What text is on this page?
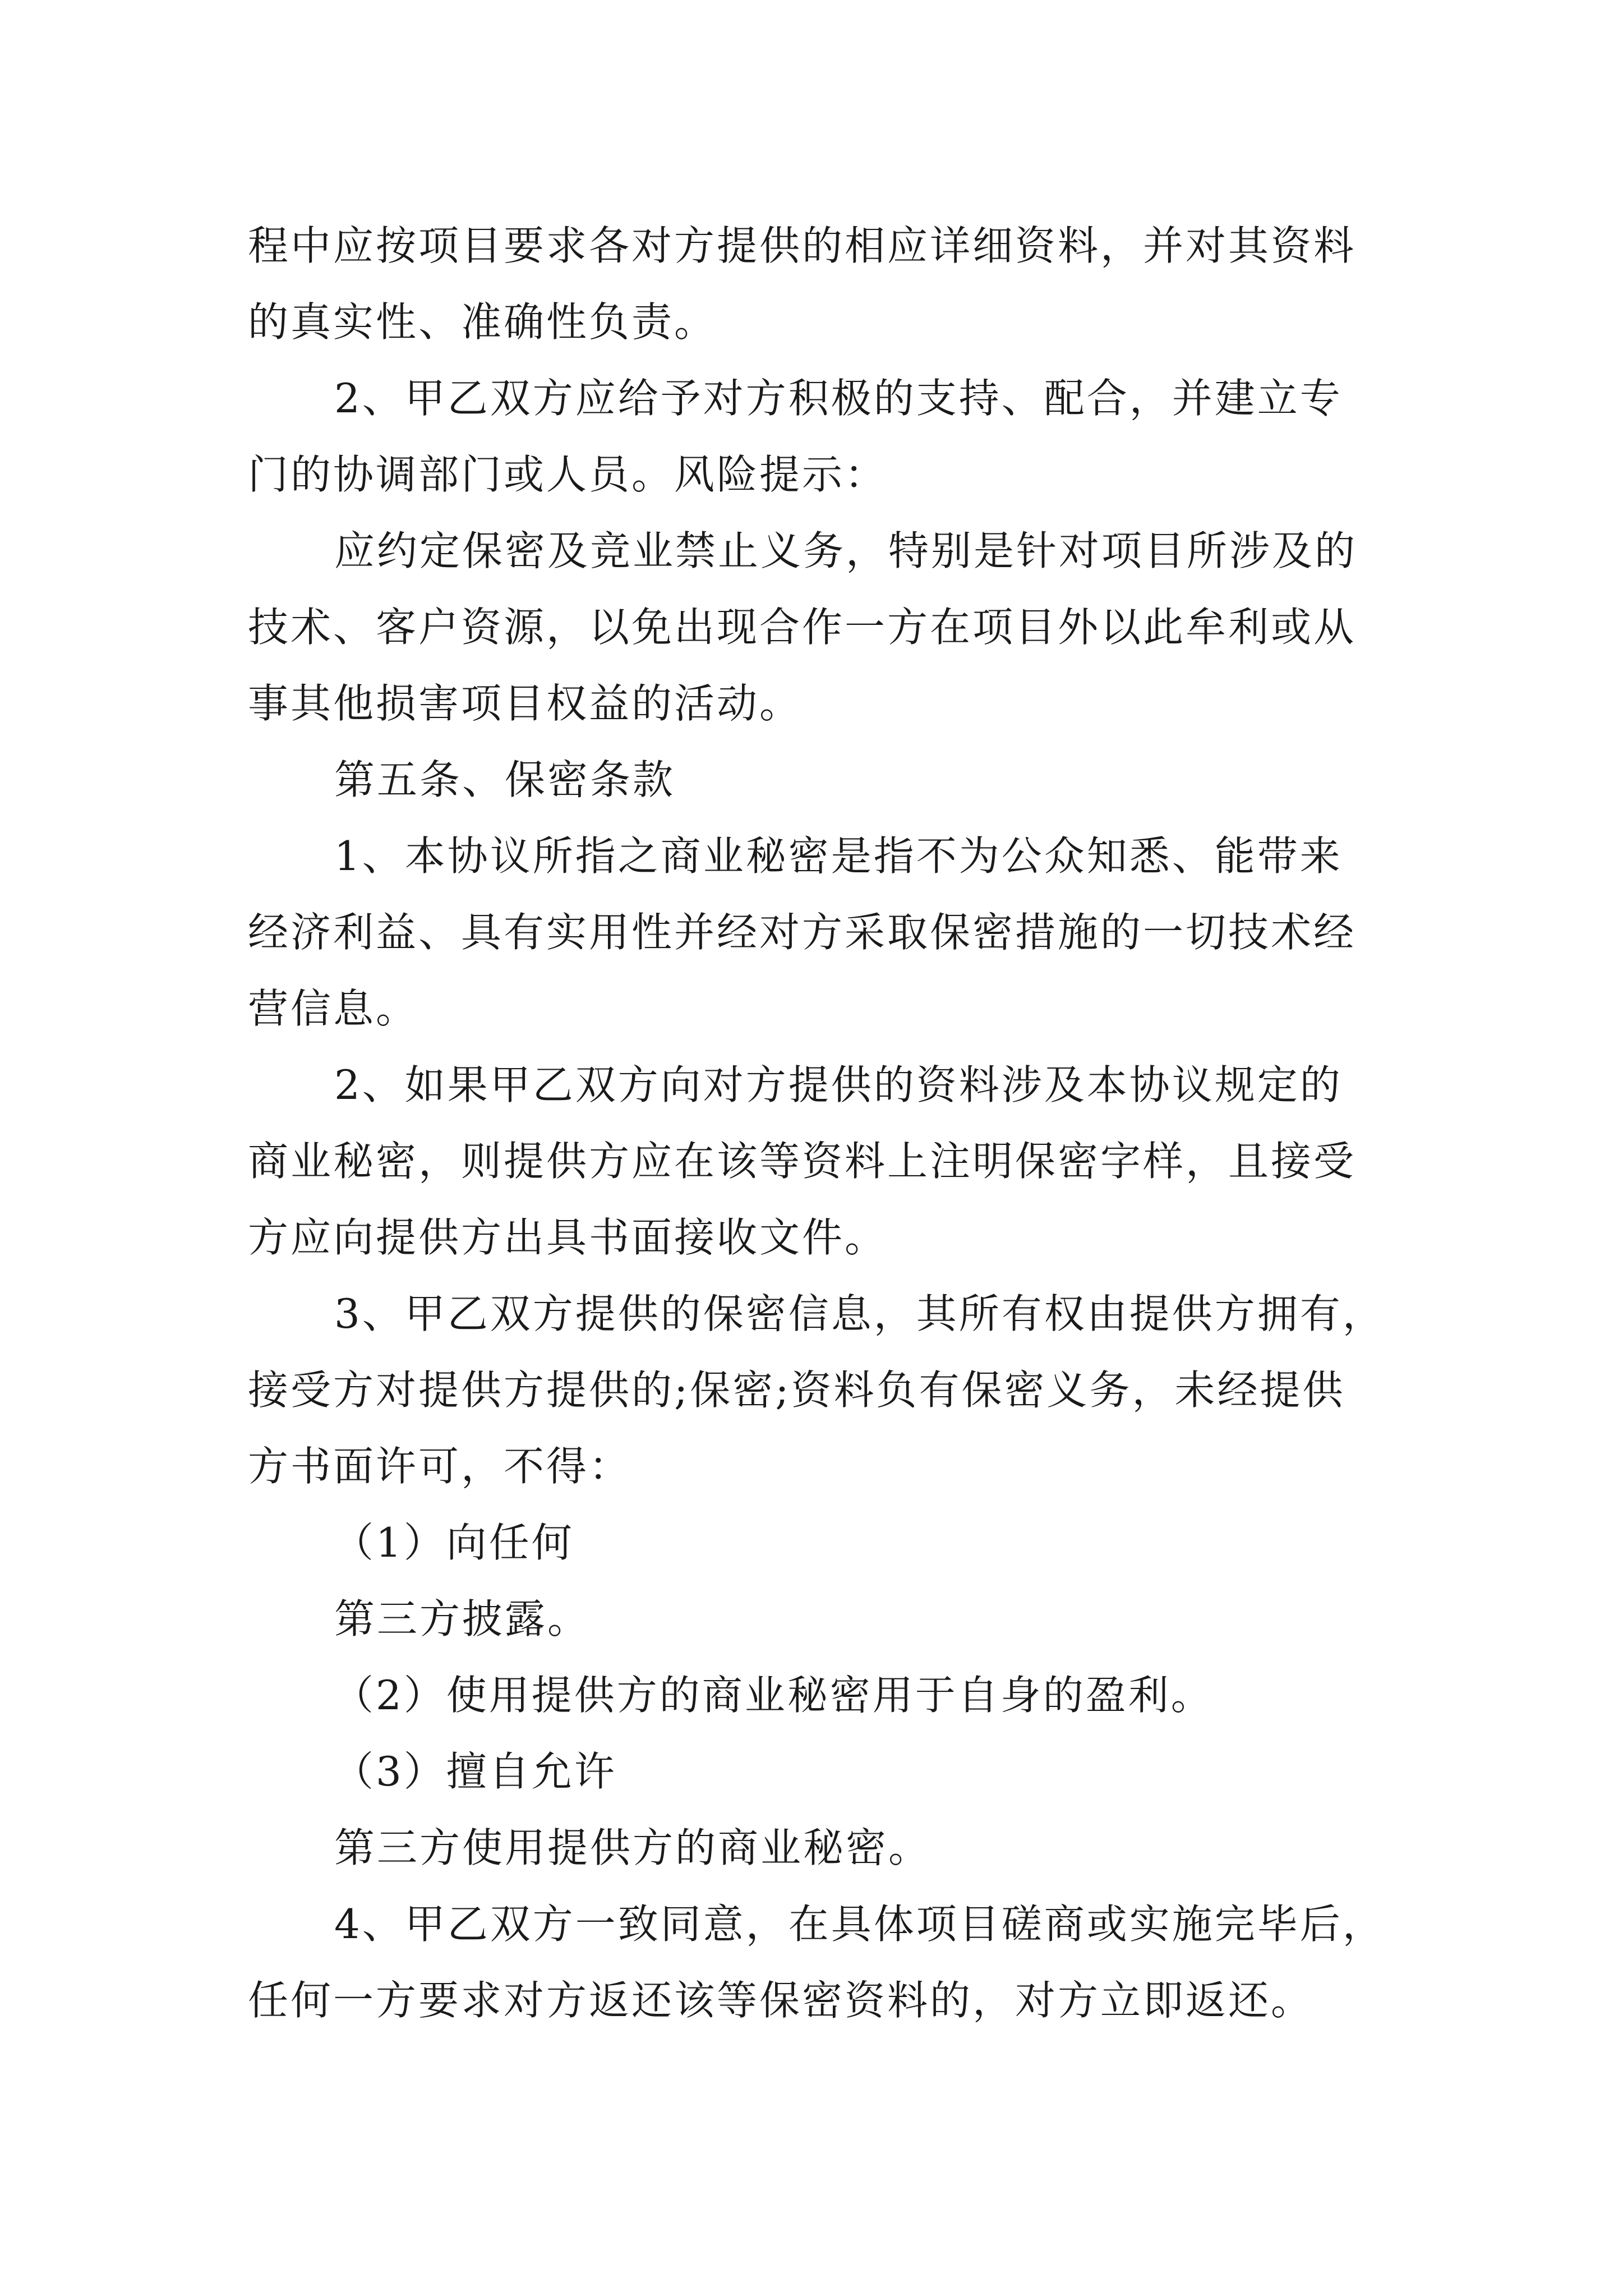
程中应按项目要求各对方提供的相应详细资料，并对其资料
的真实性、准确性负责。
2、甲乙双方应给予对方积极的支持、配合，并建立专
门的协调部门或人员。风险提示：
应约定保密及竞业禁止义务，特别是针对项目所涉及的
技术、客户资源，以免出现合作一方在项目外以此牟利或从
事其他损害项目权益的活动。
第五条、保密条款
1、本协议所指之商业秘密是指不为公众知悉、能带来
经济利益、具有实用性并经对方采取保密措施的一切技术经
营信息。
2、如果甲乙双方向对方提供的资料涉及本协议规定的
商业秘密，则提供方应在该等资料上注明保密字样，且接受
方应向提供方出具书面接收文件。
3、甲乙双方提供的保密信息，其所有权由提供方拥有，
接受方对提供方提供的;保密;资料负有保密义务，未经提供
方书面许可，不得：
（1）向任何
第三方披露。
（2）使用提供方的商业秘密用于自身的盈利。
（3）擅自允许
第三方使用提供方的商业秘密。
4、甲乙双方一致同意，在具体项目磋商或实施完毕后，
任何一方要求对方返还该等保密资料的，对方立即返还。
